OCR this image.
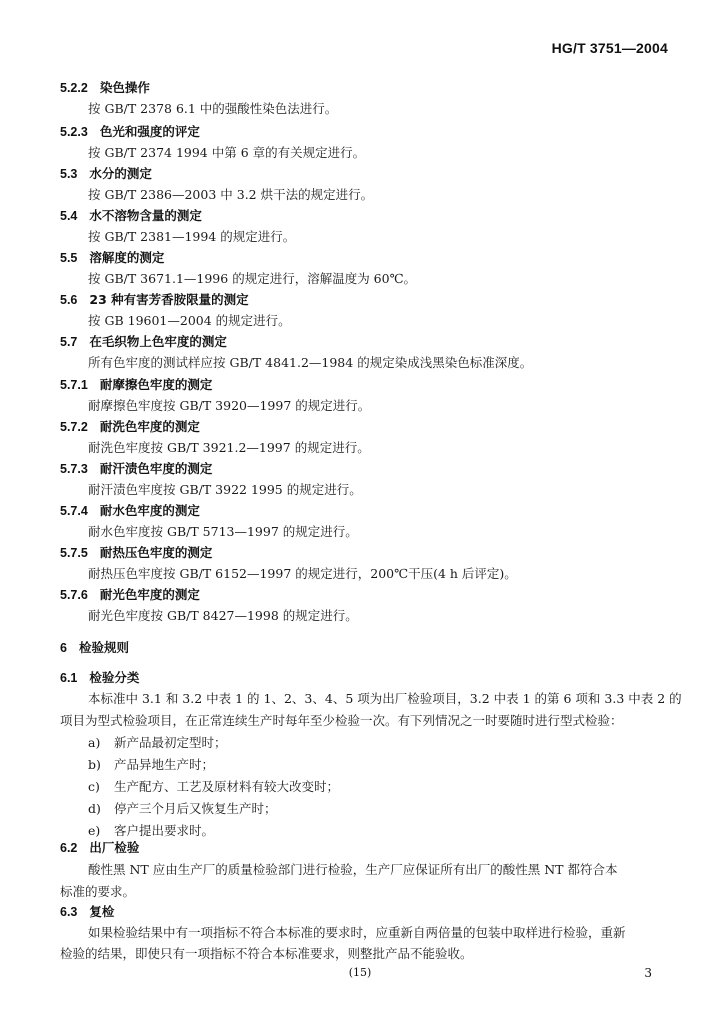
HG/T 3751—2004
5.2.2 染色操作
按 GB/T 2378 6.1 中的强酸性染色法进行。
5.2.3 色光和强度的评定
按 GB/T 2374 1994 中第 6 章的有关规定进行。
5.3 水分的测定
按 GB/T 2386—2003 中 3.2 烘干法的规定进行。
5.4 水不溶物含量的测定
按 GB/T 2381—1994 的规定进行。
5.5 溶解度的测定
按 GB/T 3671.1—1996 的规定进行，溶解温度为 60℃。
5.6 23 种有害芳香胺限量的测定
按 GB 19601—2004 的规定进行。
5.7 在毛织物上色牢度的测定
所有色牢度的测试样应按 GB/T 4841.2—1984 的规定染成浅黑染色标准深度。
5.7.1 耐摩擦色牢度的测定
耐摩擦色牢度按 GB/T 3920—1997 的规定进行。
5.7.2 耐洗色牢度的测定
耐洗色牢度按 GB/T 3921.2—1997 的规定进行。
5.7.3 耐汗渍色牢度的测定
耐汗渍色牢度按 GB/T 3922 1995 的规定进行。
5.7.4 耐水色牢度的测定
耐水色牢度按 GB/T 5713—1997 的规定进行。
5.7.5 耐热压色牢度的测定
耐热压色牢度按 GB/T 6152—1997 的规定进行，200℃干压(4 h 后评定)。
5.7.6 耐光色牢度的测定
耐光色牢度按 GB/T 8427—1998 的规定进行。
6 检验规则
6.1 检验分类
本标准中 3.1 和 3.2 中表 1 的 1、2、3、4、5 项为出厂检验项目，3.2 中表 1 的第 6 项和 3.3 中表 2 的
项目为型式检验项目，在正常连续生产时每年至少检验一次。有下列情况之一时要随时进行型式检验：
a) 新产品最初定型时；
b) 产品异地生产时；
c) 生产配方、工艺及原材料有较大改变时；
d) 停产三个月后又恢复生产时；
e) 客户提出要求时。
6.2 出厂检验
酸性黑 NT 应由生产厂的质量检验部门进行检验，生产厂应保证所有出厂的酸性黑 NT 都符合本
标准的要求。
6.3 复检
如果检验结果中有一项指标不符合本标准的要求时，应重新自两倍量的包装中取样进行检验，重新
检验的结果，即使只有一项指标不符合本标准要求，则整批产品不能验收。
(15)	3
